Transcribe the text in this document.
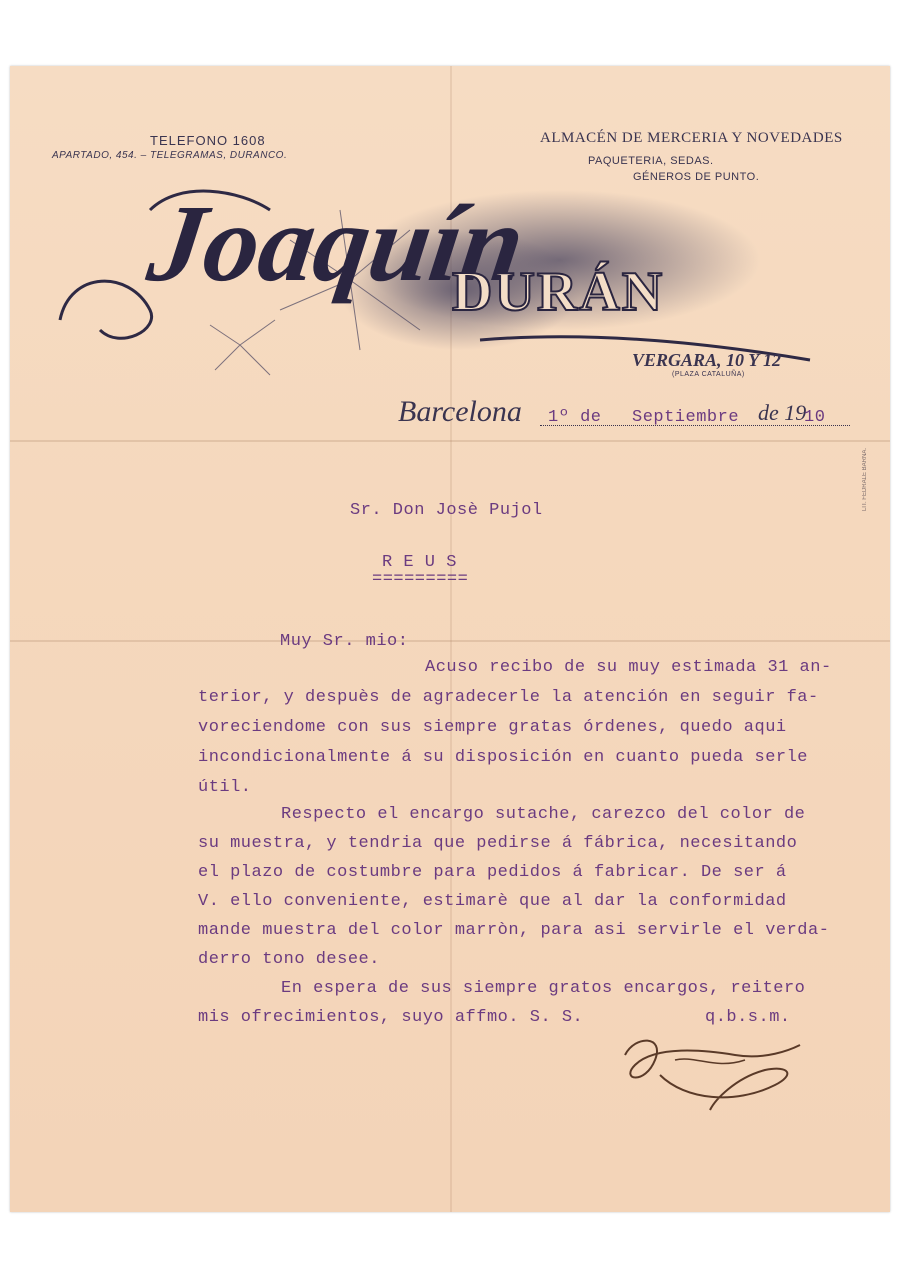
TELEFONO 1608
APARTADO, 454. – TELEGRAMAS, DURANCO.
ALMACÉN DE MERCERIA Y NOVEDADES
PAQUETERIA, SEDAS.
GÉNEROS DE PUNTO.
Joaquín
DURÁN
VERGARA, 10 Y 12
(PLAZA CATALUÑA)
LIT. FEDRALE BARNA.
Barcelona 1º de Septiembre de 19
10
Sr. Don Josè Pujol
R E U S
=========
Muy Sr. mio:
Acuso recibo de su muy estimada 31 an-
terior, y despuès de agradecerle la atención en seguir fa-
voreciendome con sus siempre gratas órdenes, quedo aqui
incondicionalmente á su disposición en cuanto pueda serle
útil.
Respecto el encargo sutache, carezco del color de
su muestra, y tendria que pedirse á fábrica, necesitando
el plazo de costumbre para pedidos á fabricar. De ser á
V. ello conveniente, estimarè que al dar la conformidad
mande muestra del color marròn, para asi servirle el verda-
derro tono desee.
En espera de sus siempre gratos encargos, reitero
mis ofrecimientos, suyo affmo. S. S.	q.b.s.m.
